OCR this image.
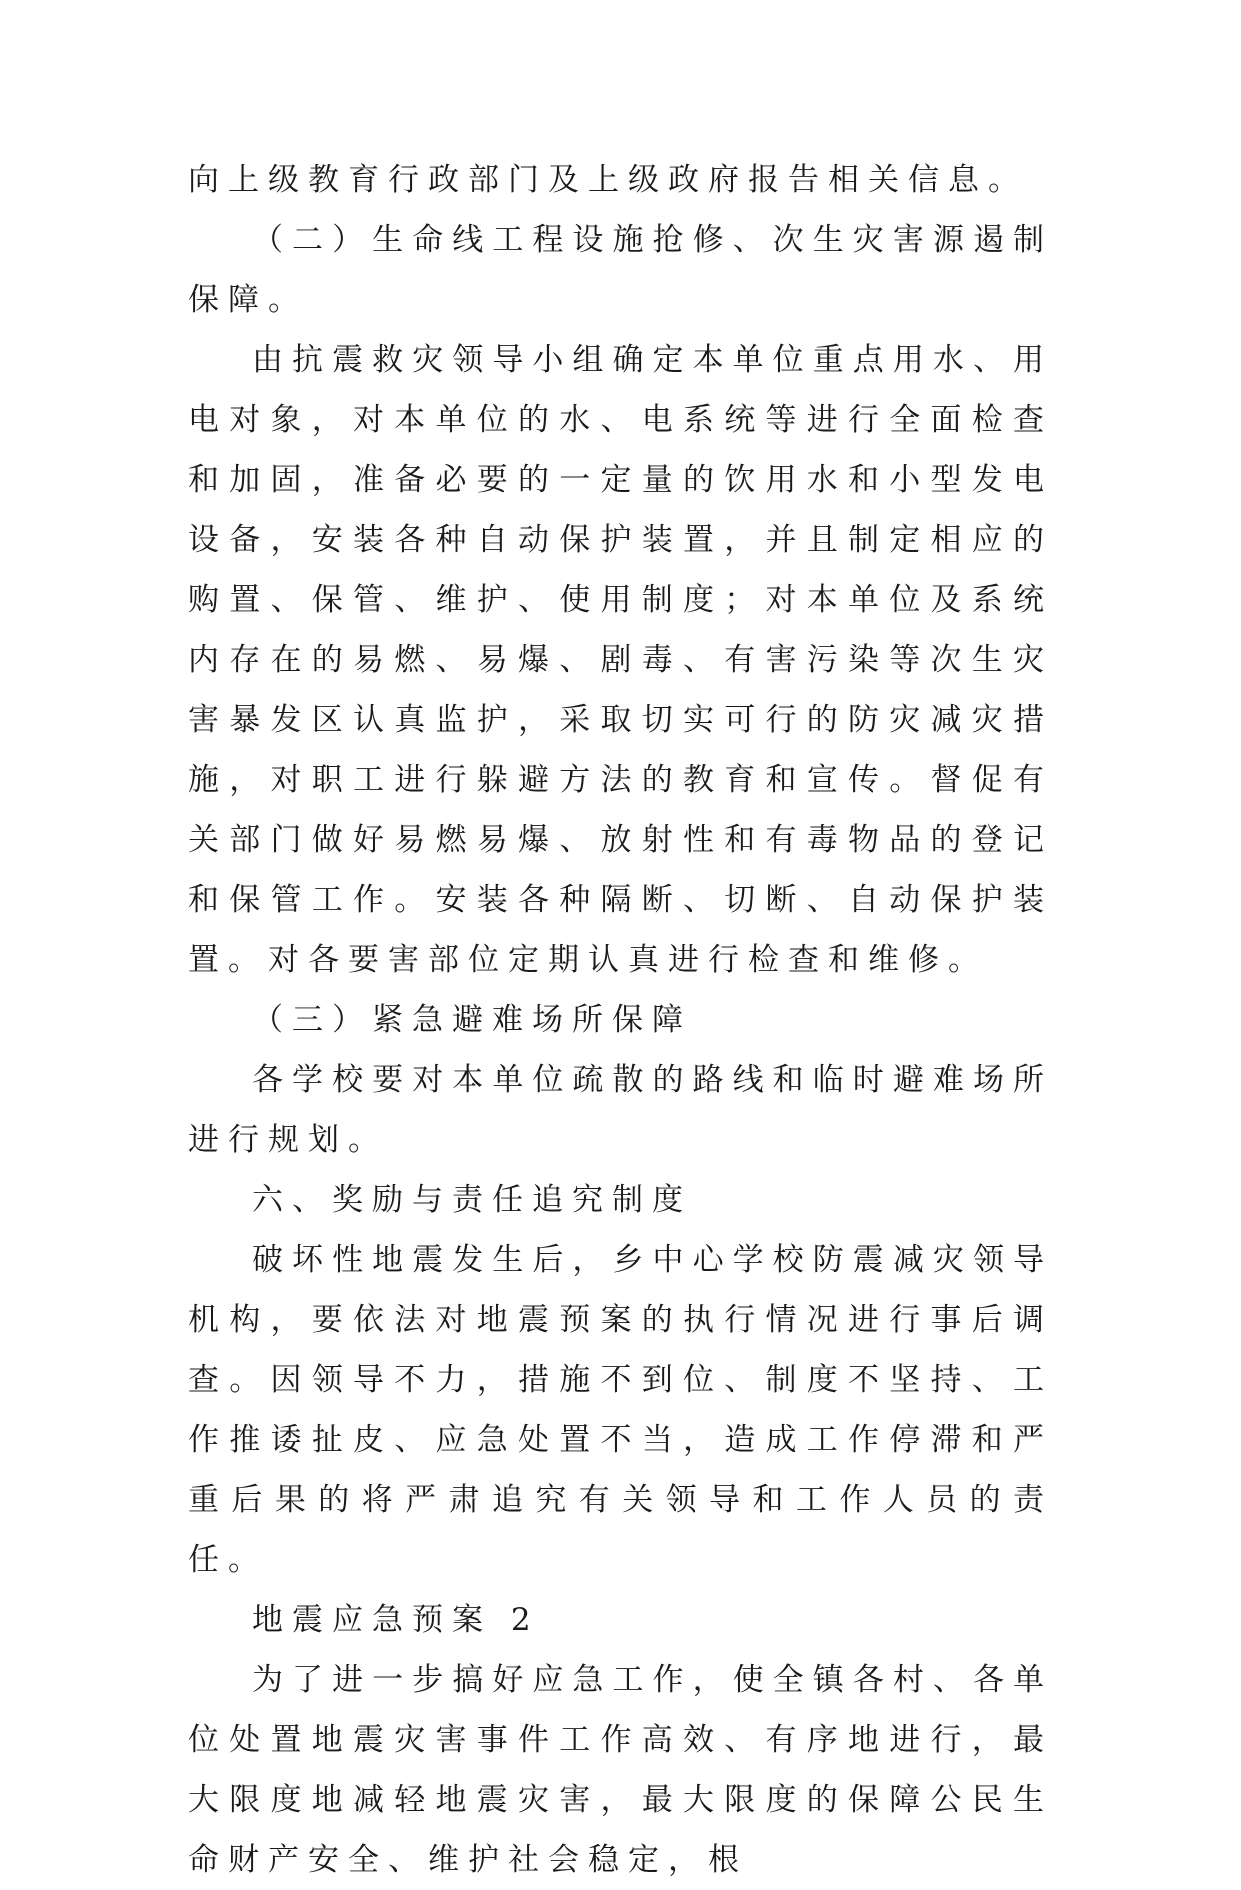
向上级教育行政部门及上级政府报告相关信息。

（二）生命线工程设施抢修、次生灾害源遏制保障。

由抗震救灾领导小组确定本单位重点用水、用电对象，对本单位的水、电系统等进行全面检查和加固，准备必要的一定量的饮用水和小型发电设备，安装各种自动保护装置，并且制定相应的购置、保管、维护、使用制度；对本单位及系统内存在的易燃、易爆、剧毒、有害污染等次生灾害暴发区认真监护，采取切实可行的防灾减灾措施，对职工进行躲避方法的教育和宣传。督促有关部门做好易燃易爆、放射性和有毒物品的登记和保管工作。安装各种隔断、切断、自动保护装置。对各要害部位定期认真进行检查和维修。

（三）紧急避难场所保障

各学校要对本单位疏散的路线和临时避难场所进行规划。

六、奖励与责任追究制度

破坏性地震发生后，乡中心学校防震减灾领导机构，要依法对地震预案的执行情况进行事后调查。因领导不力，措施不到位、制度不坚持、工作推诿扯皮、应急处置不当，造成工作停滞和严重后果的将严肃追究有关领导和工作人员的责任。

地震应急预案 2

为了进一步搞好应急工作，使全镇各村、各单位处置地震灾害事件工作高效、有序地进行，最大限度地减轻地震灾害，最大限度的保障公民生命财产安全、维护社会稳定，根
